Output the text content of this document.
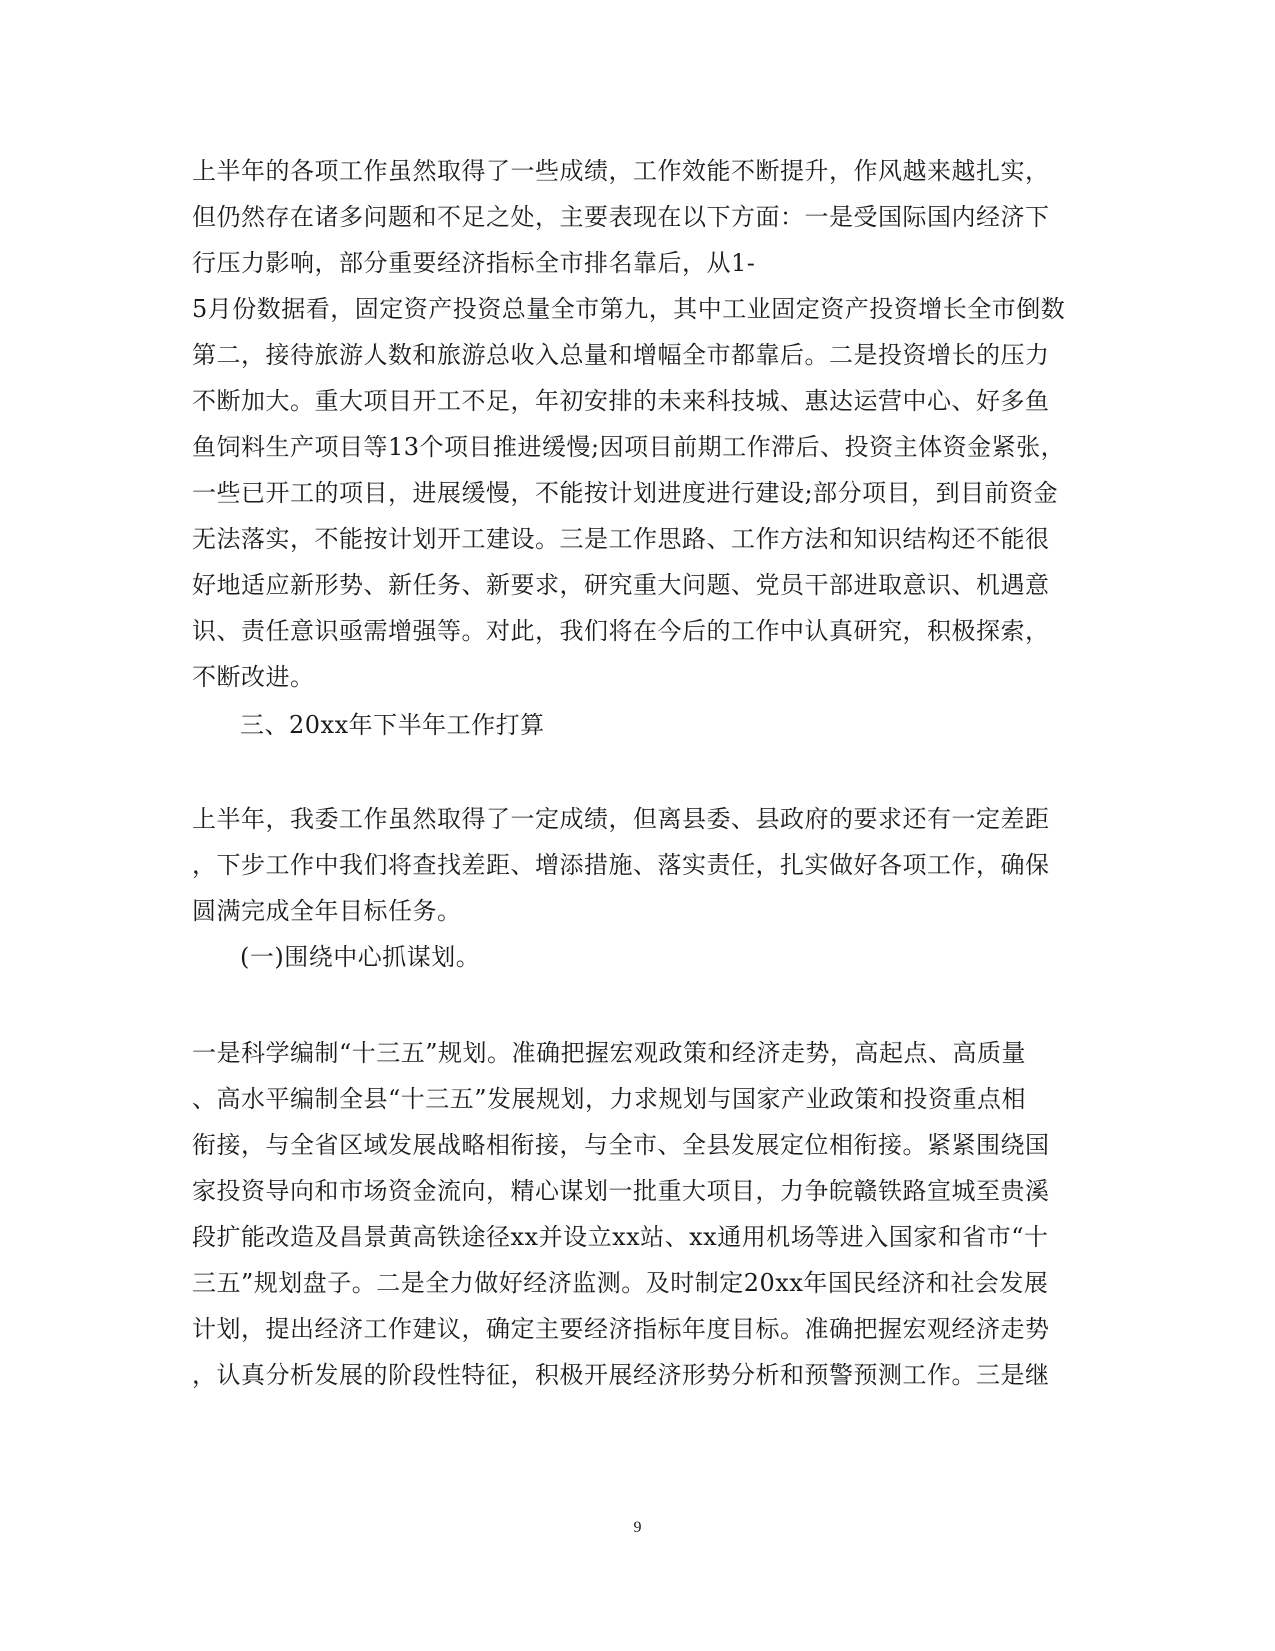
上半年的各项工作虽然取得了一些成绩，工作效能不断提升，作风越来越扎实，
但仍然存在诸多问题和不足之处，主要表现在以下方面：一是受国际国内经济下
行压力影响，部分重要经济指标全市排名靠后，从1-
5月份数据看，固定资产投资总量全市第九，其中工业固定资产投资增长全市倒数
第二，接待旅游人数和旅游总收入总量和增幅全市都靠后。二是投资增长的压力
不断加大。重大项目开工不足，年初安排的未来科技城、惠达运营中心、好多鱼
鱼饲料生产项目等13个项目推进缓慢;因项目前期工作滞后、投资主体资金紧张，
一些已开工的项目，进展缓慢，不能按计划进度进行建设;部分项目，到目前资金
无法落实，不能按计划开工建设。三是工作思路、工作方法和知识结构还不能很
好地适应新形势、新任务、新要求，研究重大问题、党员干部进取意识、机遇意
识、责任意识亟需增强等。对此，我们将在今后的工作中认真研究，积极探索，
不断改进。
三、20xx年下半年工作打算
上半年，我委工作虽然取得了一定成绩，但离县委、县政府的要求还有一定差距
，下步工作中我们将查找差距、增添措施、落实责任，扎实做好各项工作，确保
圆满完成全年目标任务。
(一)围绕中心抓谋划。
一是科学编制“十三五”规划。准确把握宏观政策和经济走势，高起点、高质量
、高水平编制全县“十三五”发展规划，力求规划与国家产业政策和投资重点相
衔接，与全省区域发展战略相衔接，与全市、全县发展定位相衔接。紧紧围绕国
家投资导向和市场资金流向，精心谋划一批重大项目，力争皖赣铁路宣城至贵溪
段扩能改造及昌景黄高铁途径xx并设立xx站、xx通用机场等进入国家和省市“十
三五”规划盘子。二是全力做好经济监测。及时制定20xx年国民经济和社会发展
计划，提出经济工作建议，确定主要经济指标年度目标。准确把握宏观经济走势
，认真分析发展的阶段性特征，积极开展经济形势分析和预警预测工作。三是继
9
